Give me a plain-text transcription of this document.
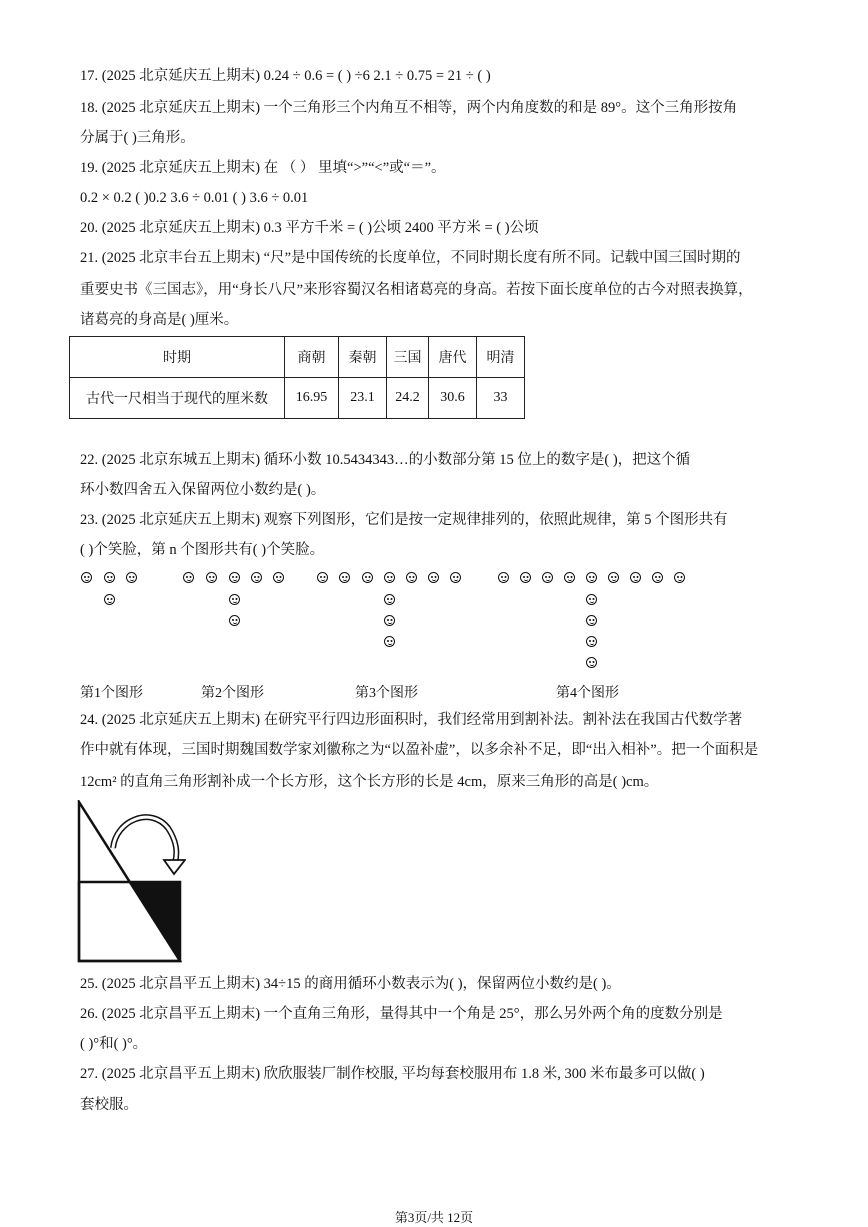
17. (2025 北京延庆五上期末) 0.24 ÷ 0.6 = ( ) ÷6 2.1 ÷ 0.75 = 21 ÷ ( )
18. (2025 北京延庆五上期末) 一个三角形三个内角互不相等，两个内角度数的和是 89°。这个三角形按角
分属于( )三角形。
19. (2025 北京延庆五上期末) 在 （ ） 里填“>”“<”或“＝”。
0.2 × 0.2 ( )0.2 3.6 ÷ 0.01 ( ) 3.6 ÷ 0.01
20. (2025 北京延庆五上期末) 0.3 平方千米 = ( )公顷 2400 平方米 = ( )公顷
21. (2025 北京丰台五上期末) “尺”是中国传统的长度单位，不同时期长度有所不同。记载中国三国时期的
重要史书《三国志》，用“身长八尺”来形容蜀汉名相诸葛亮的身高。若按下面长度单位的古今对照表换算，
诸葛亮的身高是( )厘米。
时期	商朝	秦朝	三国	唐代	明清
古代一尺相当于现代的厘米数	16.95	23.1	24.2	30.6	33
22. (2025 北京东城五上期末) 循环小数 10.5434343…的小数部分第 15 位上的数字是( )，把这个循
环小数四舍五入保留两位小数约是( )。
23. (2025 北京延庆五上期末) 观察下列图形，它们是按一定规律排列的，依照此规律，第 5 个图形共有
( )个笑脸，第 n 个图形共有( )个笑脸。
第1个图形	第2个图形	第3个图形	第4个图形
24. (2025 北京延庆五上期末) 在研究平行四边形面积时，我们经常用到割补法。割补法在我国古代数学著
作中就有体现，三国时期魏国数学家刘徽称之为“以盈补虚”，以多余补不足，即“出入相补”。把一个面积是
12cm² 的直角三角形割补成一个长方形，这个长方形的长是 4cm，原来三角形的高是( )cm。
25. (2025 北京昌平五上期末) 34÷15 的商用循环小数表示为( )，保留两位小数约是( )。
26. (2025 北京昌平五上期末) 一个直角三角形，量得其中一个角是 25°，那么另外两个角的度数分别是
( )°和( )°。
27. (2025 北京昌平五上期末) 欣欣服装厂制作校服, 平均每套校服用布 1.8 米, 300 米布最多可以做( )
套校服。
第3页/共 12页
